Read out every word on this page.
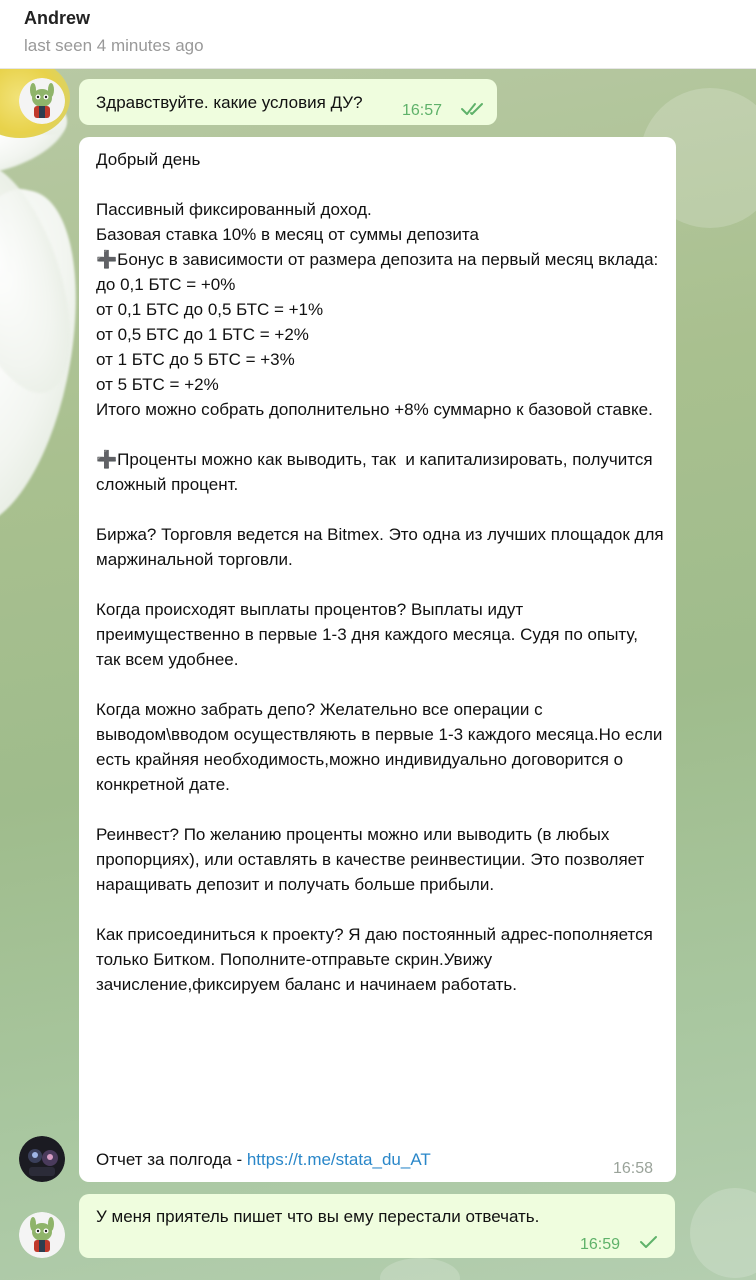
Andrew
last seen 4 minutes ago
Здравствуйте. какие условия ДУ? 16:57
Добрый день

Пассивный фиксированный доход.
Базовая ставка 10% в месяц от суммы депозита
➕Бонус в зависимости от размера депозита на первый месяц вклада:
до 0,1 БТС = +0%
от 0,1 БТС до 0,5 БТС = +1%
от 0,5 БТС до 1 БТС = +2%
от 1 БТС до 5 БТС = +3%
от 5 БТС = +2%
Итого можно собрать дополнительно +8% суммарно к базовой ставке.

➕Проценты можно как выводить, так  и капитализировать, получится сложный процент.

Биржа? Торговля ведется на Bitmex. Это одна из лучших площадок для маржинальной торговли.

Когда происходят выплаты процентов? Выплаты идут преимущественно в первые 1-3 дня каждого месяца. Судя по опыту, так всем удобнее.

Когда можно забрать депо? Желательно все операции с выводом\вводом осуществляють в первые 1-3 каждого месяца.Но если есть крайняя необходимость,можно индивидуально договорится о конкретной дате.

Реинвест? По желанию проценты можно или выводить (в любых пропорциях), или оставлять в качестве реинвестиции. Это позволяет наращивать депозит и получать больше прибыли.

Как присоединиться к проекту? Я даю постоянный адрес-пополняется только Битком. Пополните-отправьте скрин.Увижу зачисление,фиксируем баланс и начинаем работать.

Отчет за полгода - https://t.me/stata_du_AT	16:58
У меня приятель пишет что вы ему перестали отвечать.
16:59
